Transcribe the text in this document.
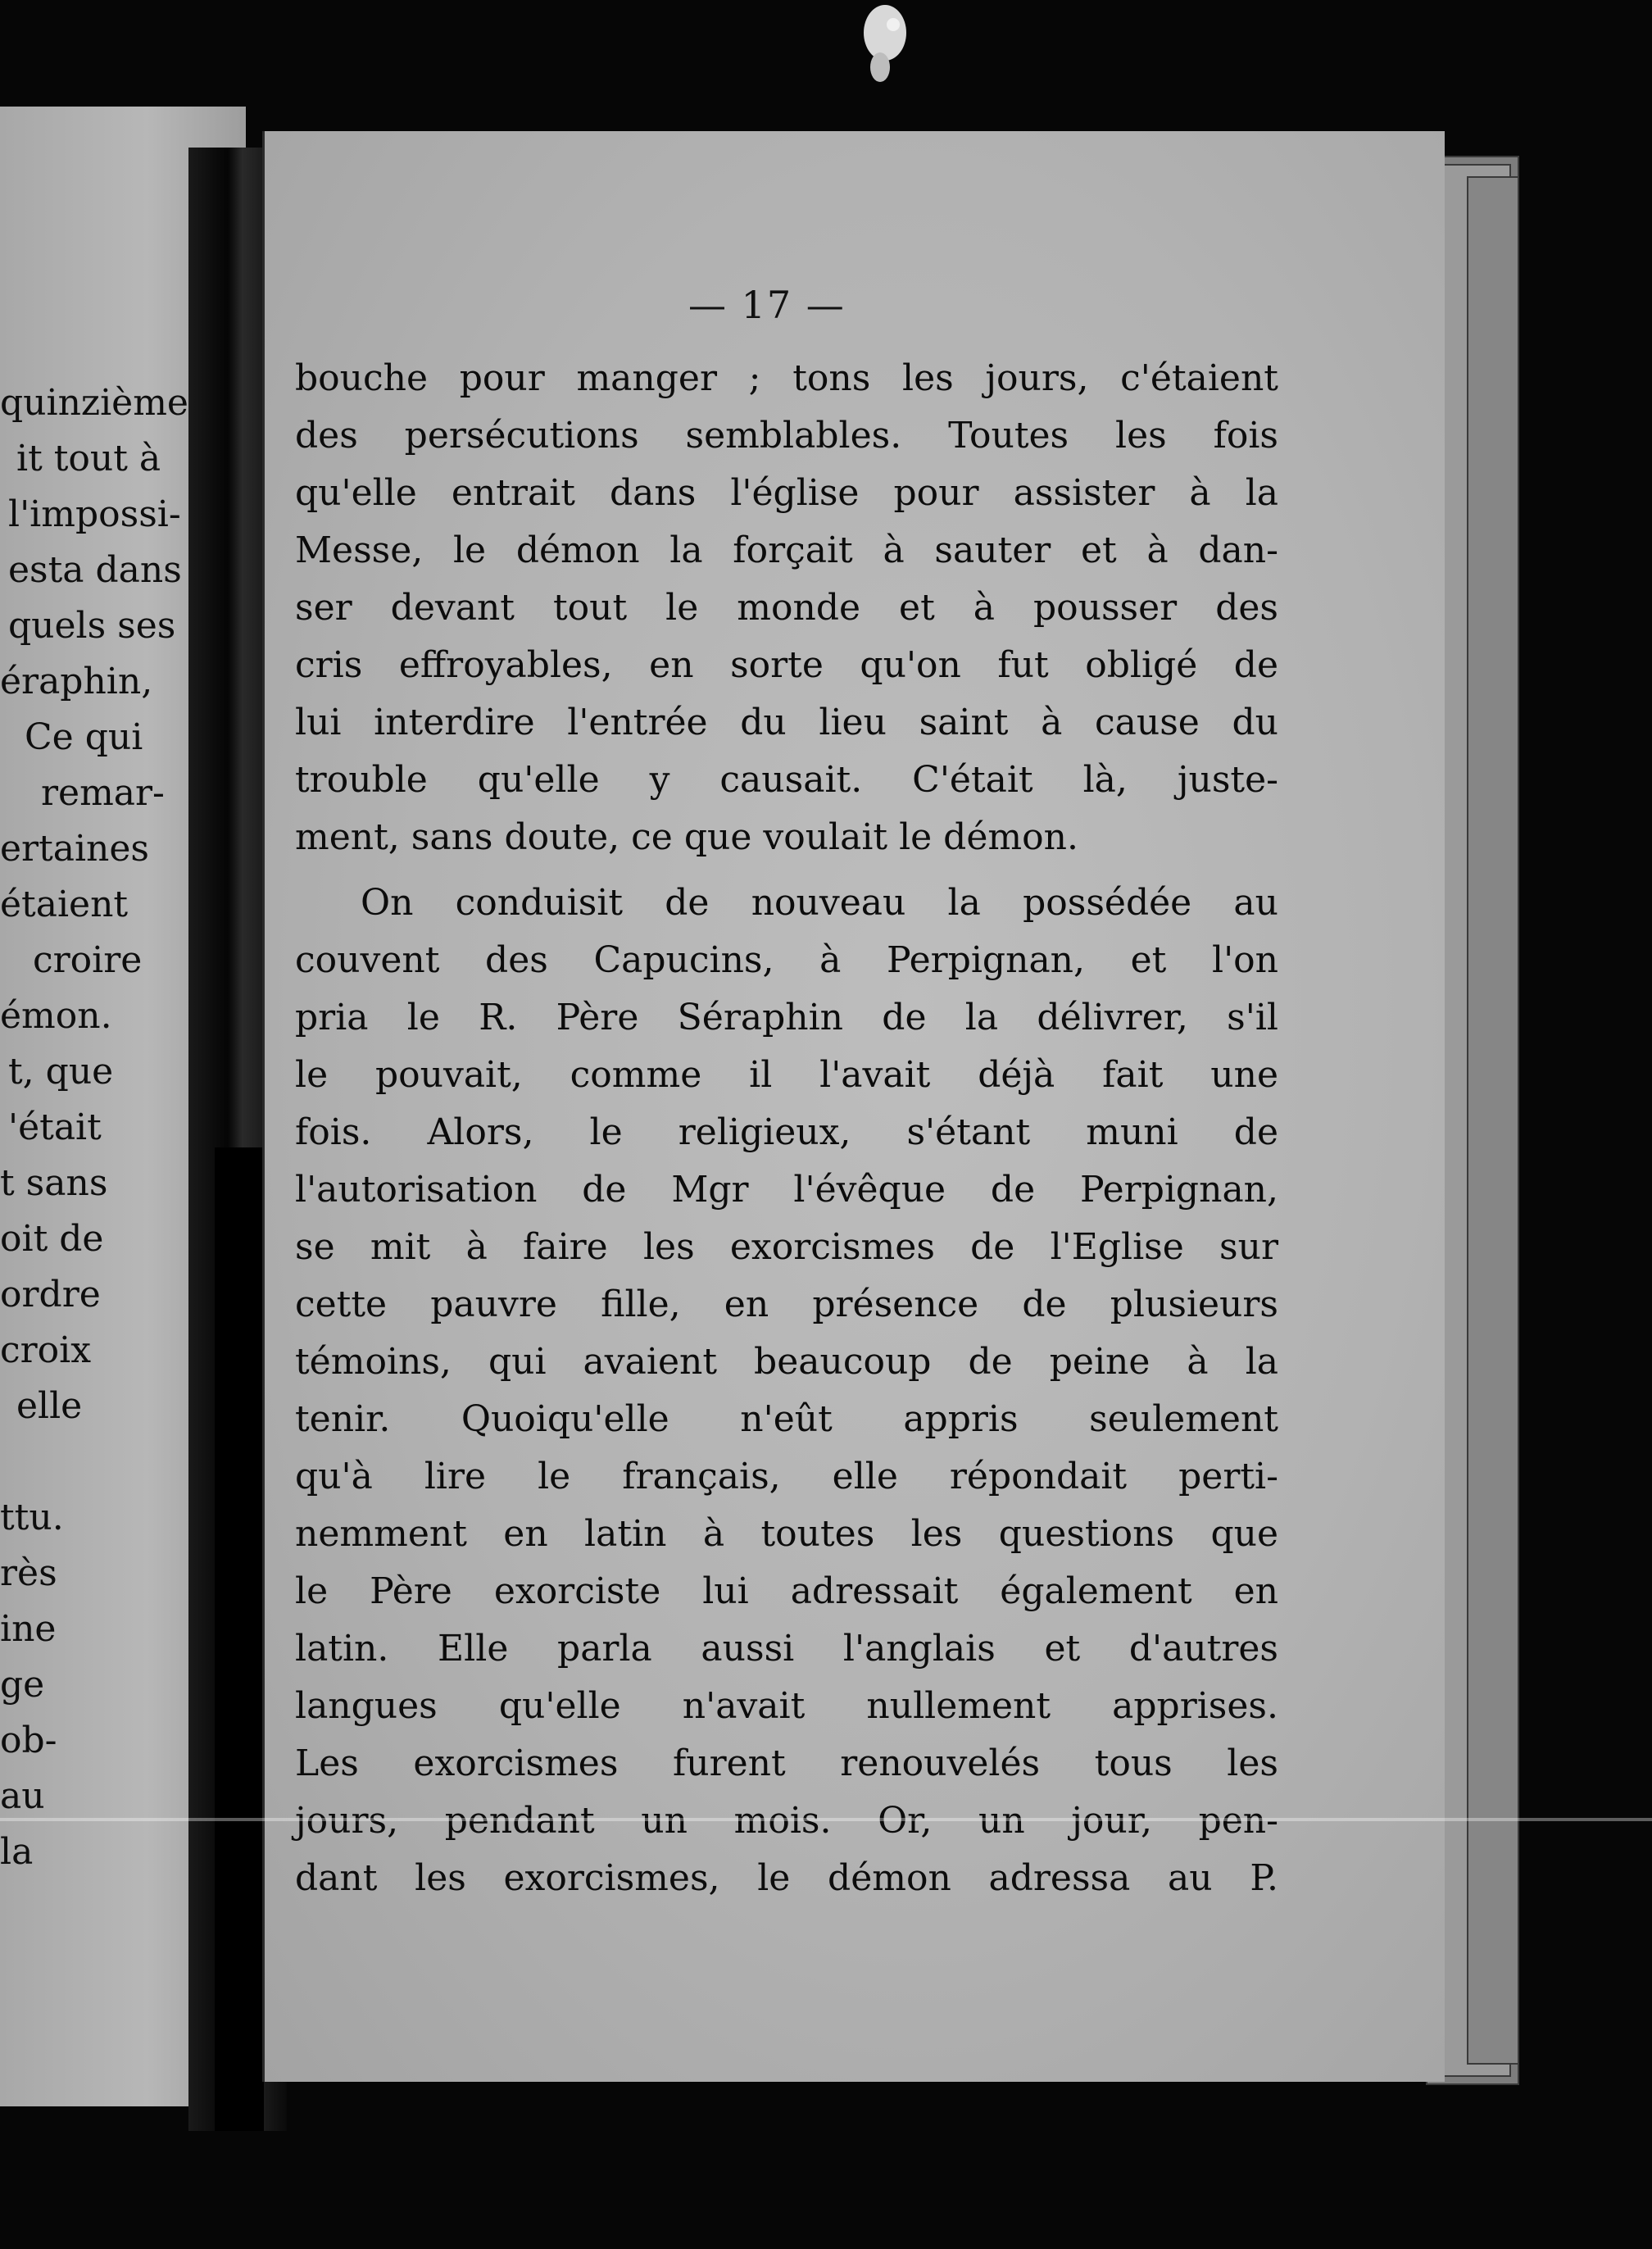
quinzième
it tout à
l'impossi-
esta dans
quels ses
éraphin,
Ce qui
remar-
ertaines
étaient
croire
émon.
t, que
'était
t sans
oit de
ordre
croix
elle
ttu.
rès
ine
ge
ob-
au
la
— 17 —
bouche pour manger ; tons les jours, c'étaient
des persécutions semblables. Toutes les fois
qu'elle entrait dans l'église pour assister à la
Messe, le démon la forçait à sauter et à dan-
ser devant tout le monde et à pousser des
cris effroyables, en sorte qu'on fut obligé de
lui interdire l'entrée du lieu saint à cause du
trouble qu'elle y causait. C'était là, juste-
ment, sans doute, ce que voulait le démon.
On conduisit de nouveau la possédée au
couvent des Capucins, à Perpignan, et l'on
pria le R. Père Séraphin de la délivrer, s'il
le pouvait, comme il l'avait déjà fait une
fois. Alors, le religieux, s'étant muni de
l'autorisation de Mgr l'évêque de Perpignan,
se mit à faire les exorcismes de l'Eglise sur
cette pauvre fille, en présence de plusieurs
témoins, qui avaient beaucoup de peine à la
tenir. Quoiqu'elle n'eût appris seulement
qu'à lire le français, elle répondait perti-
nemment en latin à toutes les questions que
le Père exorciste lui adressait également en
latin. Elle parla aussi l'anglais et d'autres
langues qu'elle n'avait nullement apprises.
Les exorcismes furent renouvelés tous les
jours, pendant un mois. Or, un jour, pen-
dant les exorcismes, le démon adressa au P.
